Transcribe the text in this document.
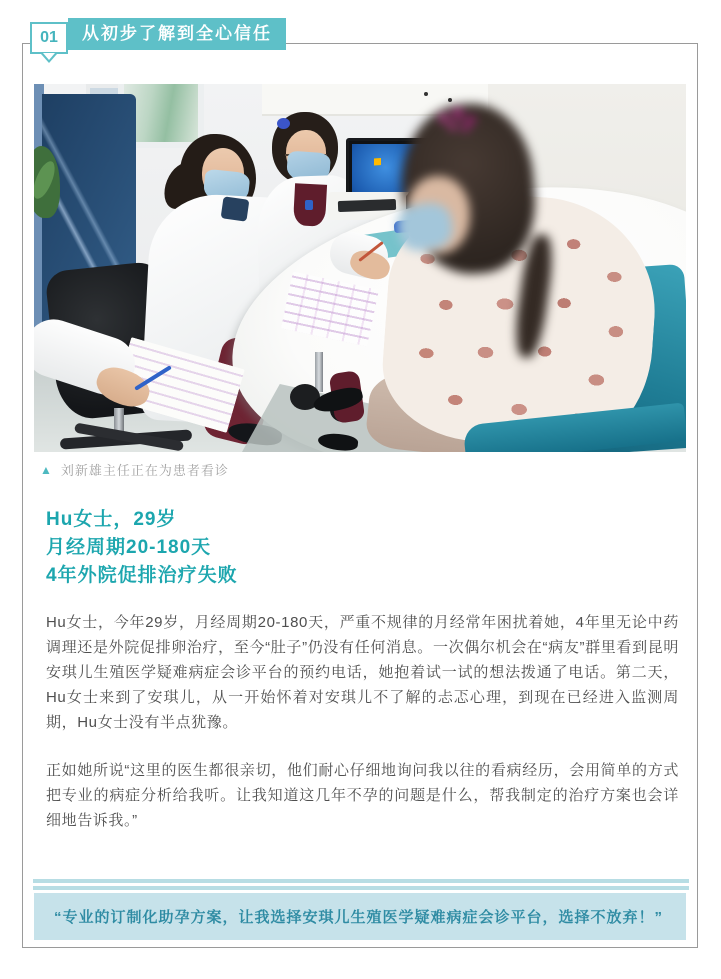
01	从初步了解到全心信任
▲ 刘新雄主任正在为患者看诊
Hu女士，29岁
月经周期20-180天
4年外院促排治疗失败

Hu女士，今年29岁，月经周期20-180天，严重不规律的月经常年困扰着她，4年里无论中药调理还是外院促排卵治疗，至今“肚子”仍没有任何消息。一次偶尔机会在“病友”群里看到昆明安琪儿生殖医学疑难病症会诊平台的预约电话，她抱着试一试的想法拨通了电话。第二天，Hu女士来到了安琪儿，从一开始怀着对安琪儿不了解的忐忑心理，到现在已经进入监测周期，Hu女士没有半点犹豫。

正如她所说“这里的医生都很亲切，他们耐心仔细地询问我以往的看病经历，会用简单的方式把专业的病症分析给我听。让我知道这几年不孕的问题是什么，帮我制定的治疗方案也会详细地告诉我。”

“专业的订制化助孕方案，让我选择安琪儿生殖医学疑难病症会诊平台，选择不放弃！”
